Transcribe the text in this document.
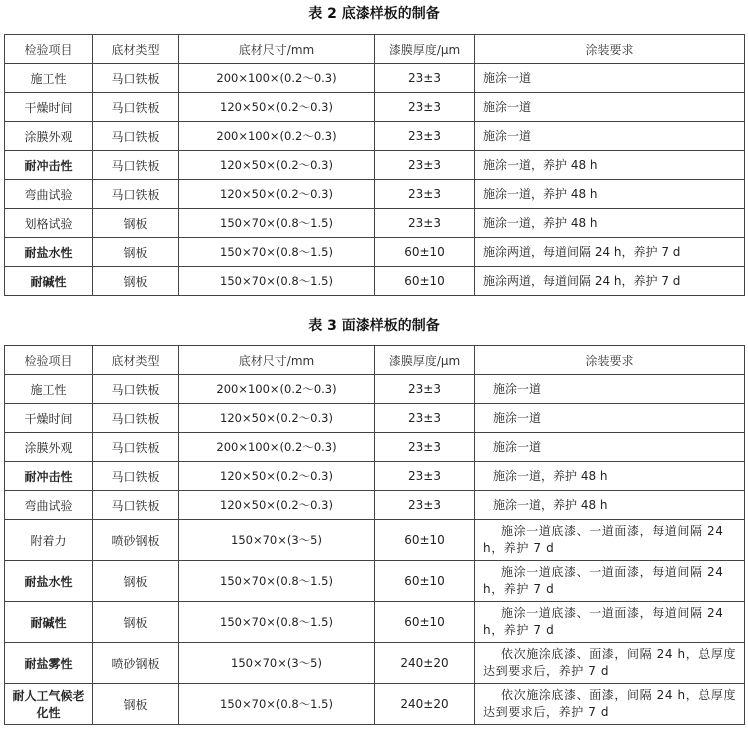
表 2 底漆样板的制备
检验项目	底材类型	底材尺寸/mm	漆膜厚度/μm	涂装要求
施工性	马口铁板	200×100×(0.2～0.3)	23±3	施涂一道
干燥时间	马口铁板	120×50×(0.2～0.3)	23±3	施涂一道
涂膜外观	马口铁板	200×100×(0.2～0.3)	23±3	施涂一道
耐冲击性	马口铁板	120×50×(0.2～0.3)	23±3	施涂一道，养护 48 h
弯曲试验	马口铁板	120×50×(0.2～0.3)	23±3	施涂一道，养护 48 h
划格试验	钢板	150×70×(0.8～1.5)	23±3	施涂一道，养护 48 h
耐盐水性	钢板	150×70×(0.8～1.5)	60±10	施涂两道，每道间隔 24 h，养护 7 d
耐碱性	钢板	150×70×(0.8～1.5)	60±10	施涂两道，每道间隔 24 h，养护 7 d
表 3 面漆样板的制备
检验项目	底材类型	底材尺寸/mm	漆膜厚度/μm	涂装要求
施工性	马口铁板	200×100×(0.2～0.3)	23±3	施涂一道
干燥时间	马口铁板	120×50×(0.2～0.3)	23±3	施涂一道
涂膜外观	马口铁板	200×100×(0.2～0.3)	23±3	施涂一道
耐冲击性	马口铁板	120×50×(0.2～0.3)	23±3	施涂一道，养护 48 h
弯曲试验	马口铁板	120×50×(0.2～0.3)	23±3	施涂一道，养护 48 h
附着力	喷砂钢板	150×70×(3～5)	60±10	施涂一道底漆、一道面漆，每道间隔 24 h，养护 7 d
耐盐水性	钢板	150×70×(0.8～1.5)	60±10	施涂一道底漆、一道面漆，每道间隔 24 h，养护 7 d
耐碱性	钢板	150×70×(0.8～1.5)	60±10	施涂一道底漆、一道面漆，每道间隔 24 h，养护 7 d
耐盐雾性	喷砂钢板	150×70×(3～5)	240±20	依次施涂底漆、面漆，间隔 24 h，总厚度达到要求后，养护 7 d
耐人工气候老化性	钢板	150×70×(0.8～1.5)	240±20	依次施涂底漆、面漆，间隔 24 h，总厚度达到要求后，养护 7 d
